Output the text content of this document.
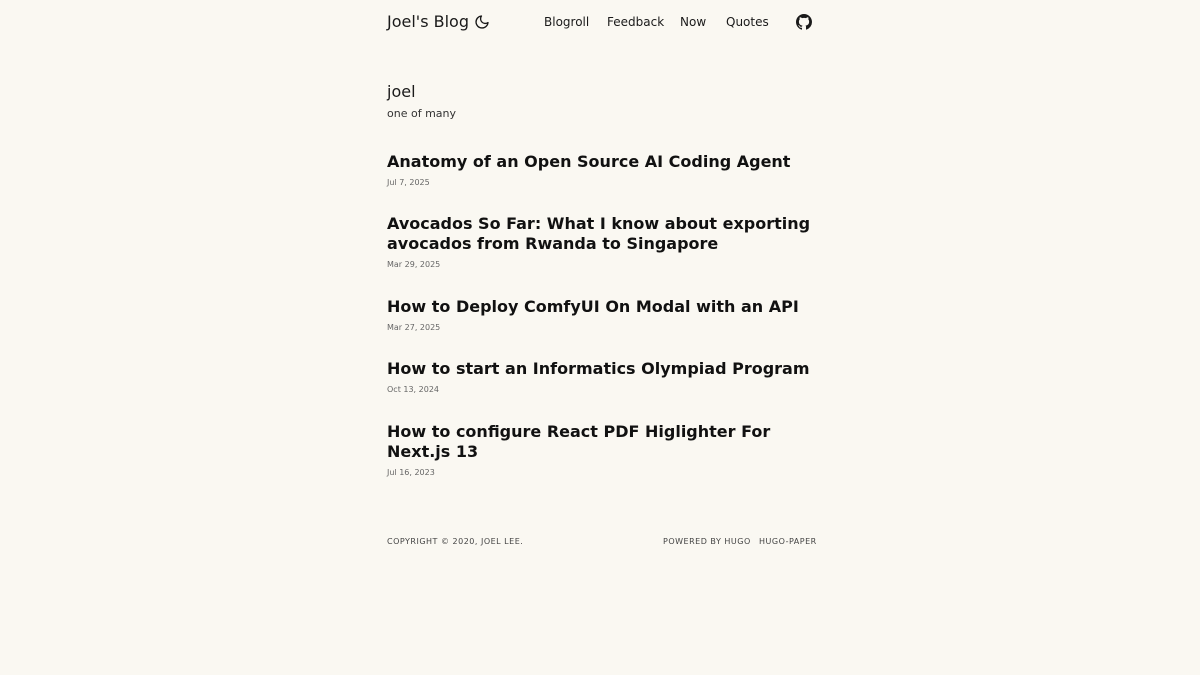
Joel's Blog	Blogroll Feedback Now Quotes
joel

one of many

Anatomy of an Open Source AI Coding Agent
Jul 7, 2025
Avocados So Far: What I know about exporting avocados from Rwanda to Singapore
Mar 29, 2025
How to Deploy ComfyUI On Modal with an API
Mar 27, 2025
How to start an Informatics Olympiad Program
Oct 13, 2024
How to configure React PDF Higlighter For Next.js 13
Jul 16, 2023
COPYRIGHT © 2020, JOEL LEE.	POWERED BY HUGO HUGO-PAPER
